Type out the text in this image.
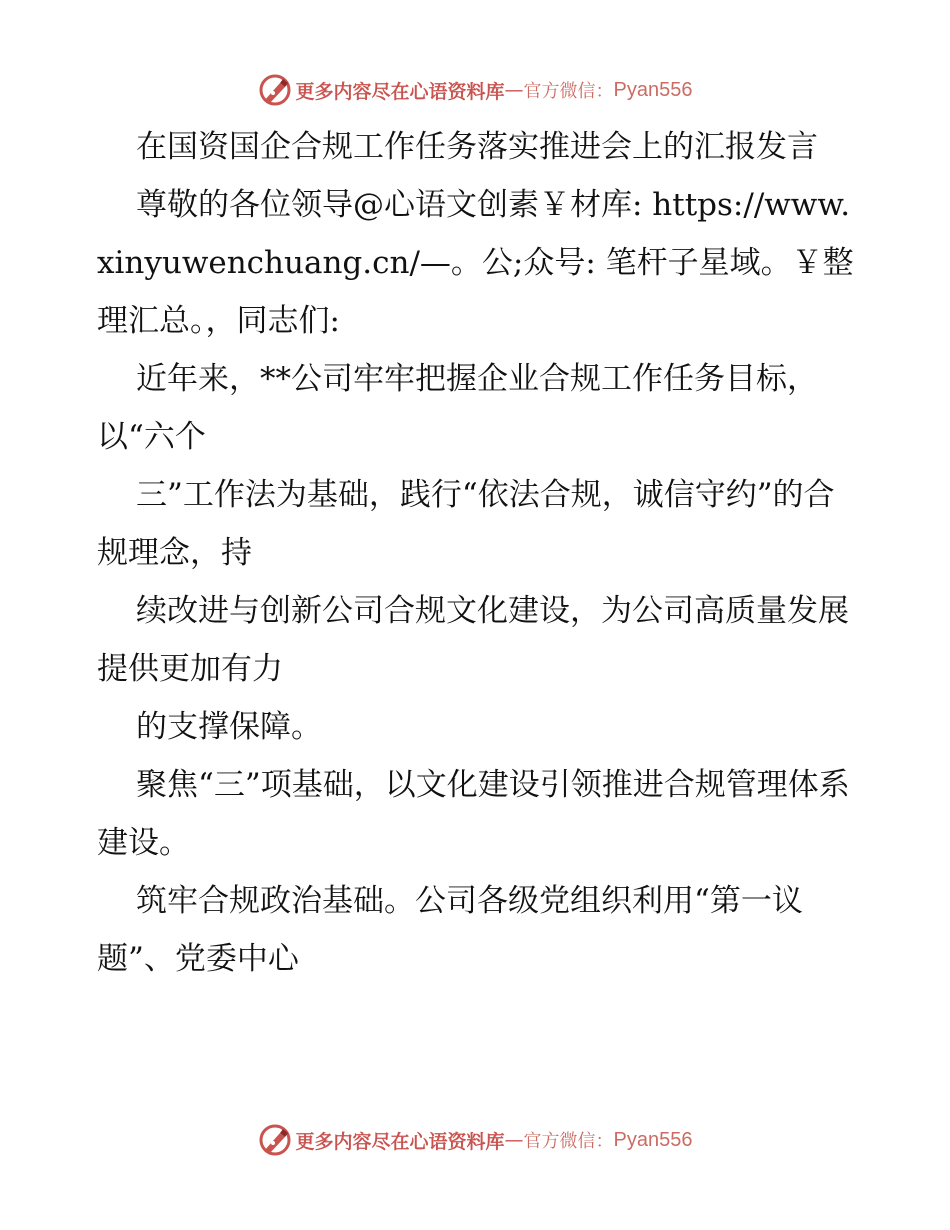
更多内容尽在心语资料库 — 官方微信： Pyan556

在国资国企合规工作任务落实推进会上的汇报发言

尊敬的各位领导@心语文创素￥材库: https://www.xinyuwenchuang.cn/—。公;众号: 笔杆子星域。￥整理汇总。，同志们:

近年来，**公司牢牢把握企业合规工作任务目标，以“六个

三”工作法为基础，践行“依法合规，诚信守约”的合规理念，持

续改进与创新公司合规文化建设，为公司高质量发展提供更加有力

的支撑保障。

聚焦“三”项基础，以文化建设引领推进合规管理体系建设。

筑牢合规政治基础。公司各级党组织利用“第一议题”、党委中心

更多内容尽在心语资料库 — 官方微信： Pyan556
